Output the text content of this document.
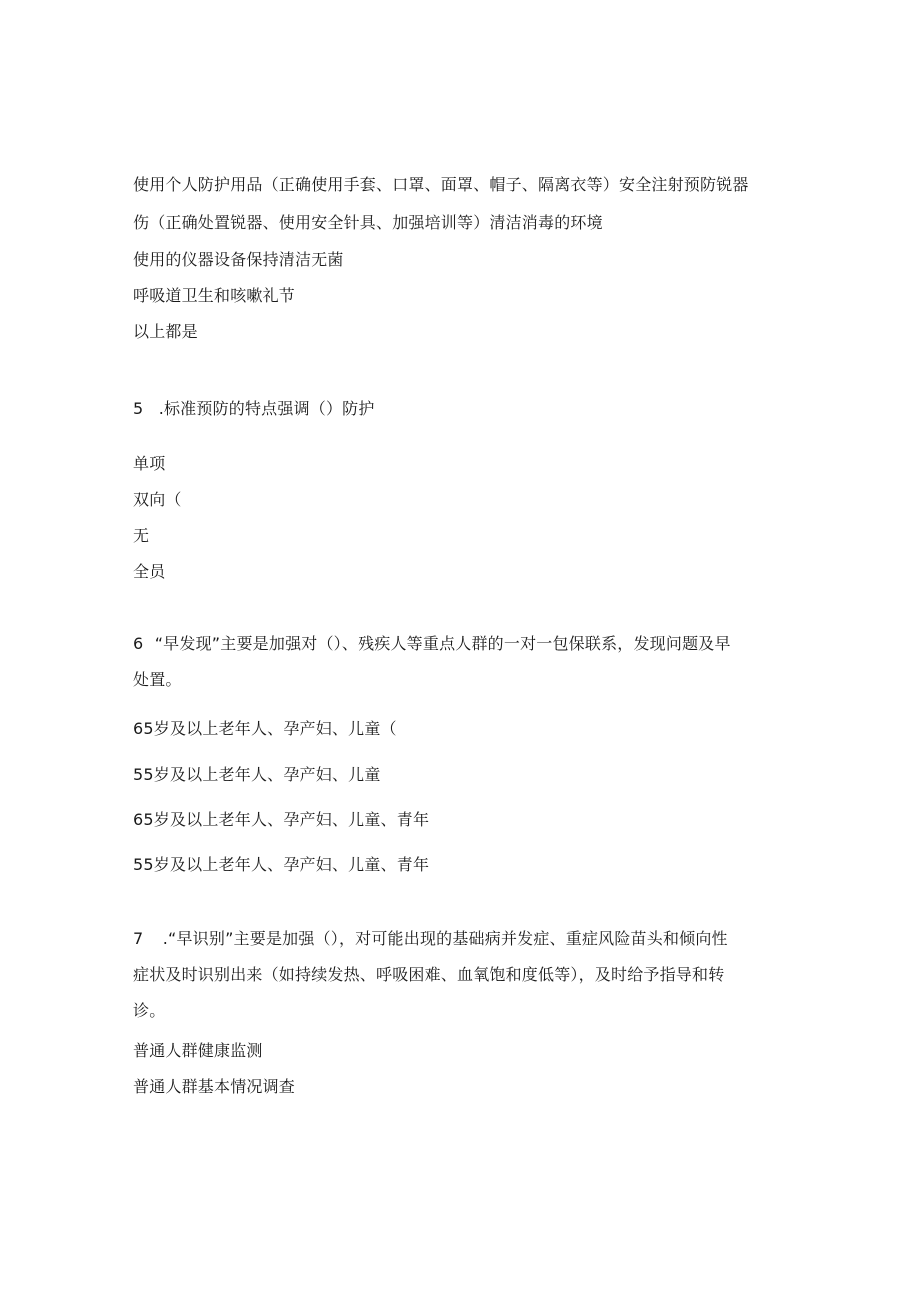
使用个人防护用品（正确使用手套、口罩、面罩、帽子、隔离衣等）安全注射预防锐器
伤（正确处置锐器、使用安全针具、加强培训等）清洁消毒的环境
使用的仪器设备保持清洁无菌
呼吸道卫生和咳嗽礼节
以上都是
5 .标准预防的特点强调（）防护
单项
双向（
无
全员
6 “早发现”主要是加强对（）、残疾人等重点人群的一对一包保联系，发现问题及早
处置。
65岁及以上老年人、孕产妇、儿童（
55岁及以上老年人、孕产妇、儿童
65岁及以上老年人、孕产妇、儿童、青年
55岁及以上老年人、孕产妇、儿童、青年
7 .“早识别”主要是加强（），对可能出现的基础病并发症、重症风险苗头和倾向性
症状及时识别出来（如持续发热、呼吸困难、血氧饱和度低等），及时给予指导和转
诊。
普通人群健康监测
普通人群基本情况调查
